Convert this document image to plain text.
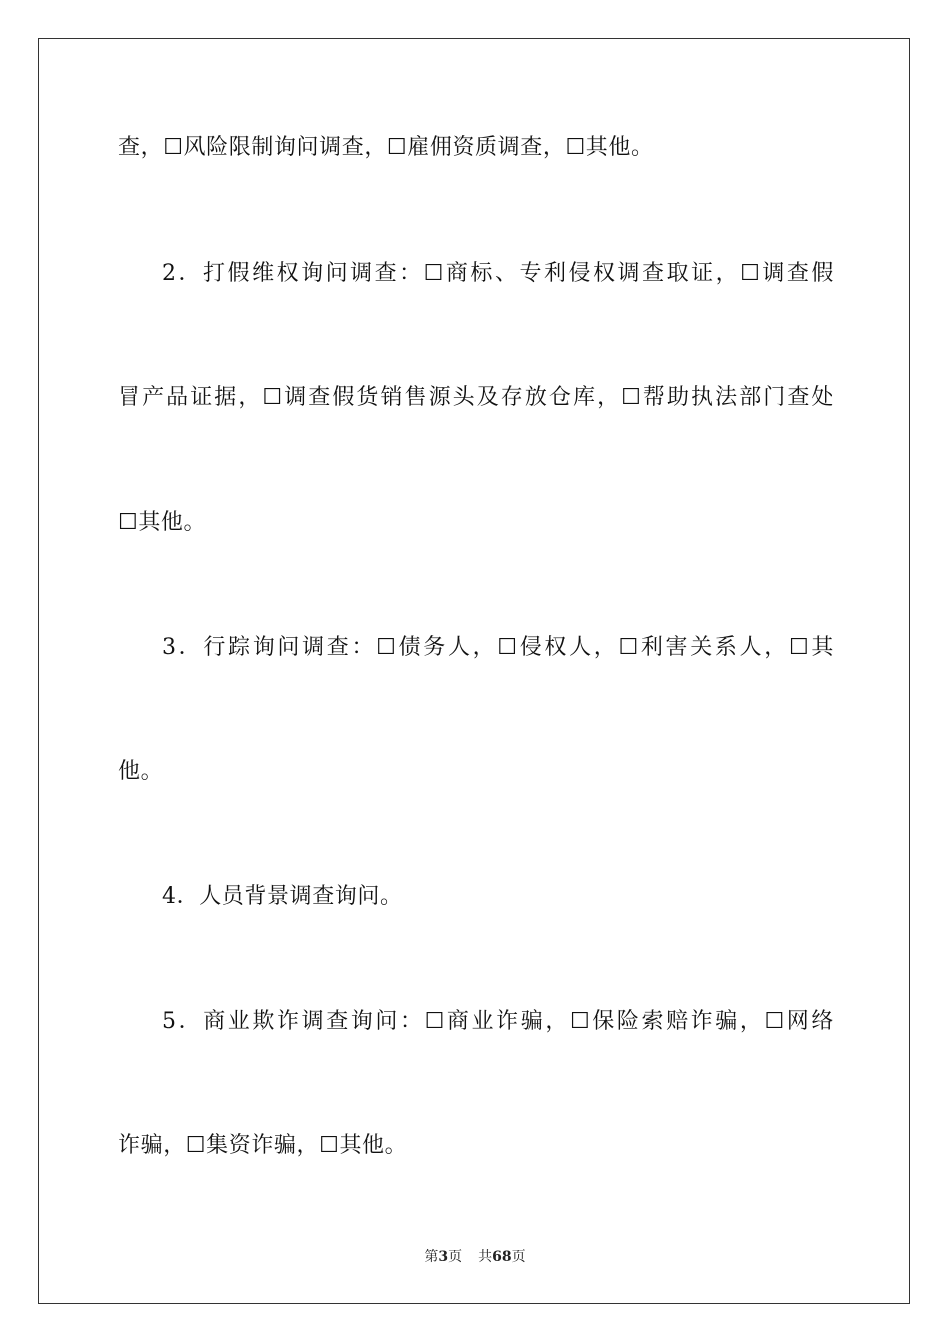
查，☐风险限制询问调查，☐雇佣资质调查，☐其他。
2．打假维权询问调查：☐商标、专利侵权调查取证，☐调查假
冒产品证据，☐调查假货销售源头及存放仓库，☐帮助执法部门查处
☐其他。
3．行踪询问调查：☐债务人，☐侵权人，☐利害关系人，☐其
他。
4．人员背景调查询问。
5．商业欺诈调查询问：☐商业诈骗，☐保险索赔诈骗，☐网络
诈骗，☐集资诈骗，☐其他。
第3页 共68页
